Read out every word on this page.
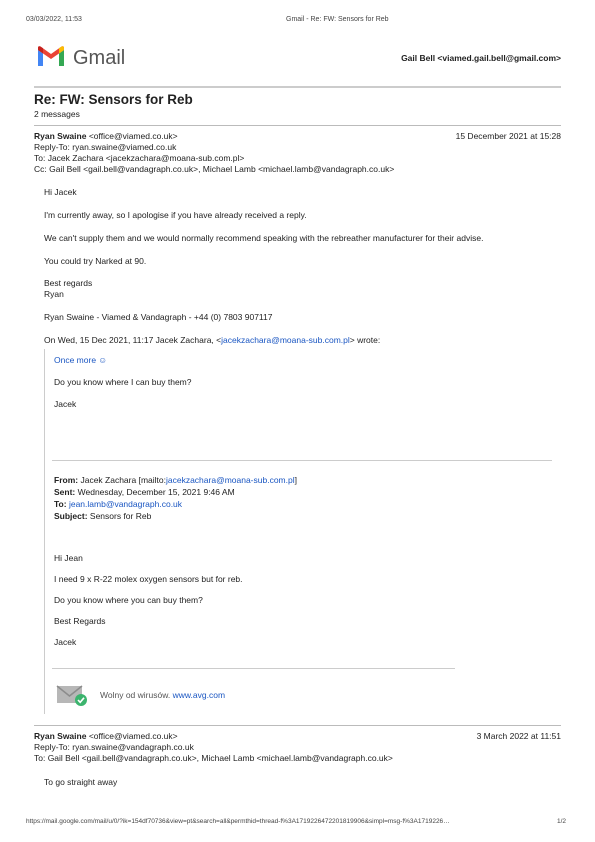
03/03/2022, 11:53	Gmail - Re: FW: Sensors for Reb
Gmail	Gail Bell <viamed.gail.bell@gmail.com>
Re: FW: Sensors for Reb
2 messages
Ryan Swaine <office@viamed.co.uk>	15 December 2021 at 15:28
Reply-To: ryan.swaine@viamed.co.uk
To: Jacek Zachara <jacekzachara@moana-sub.com.pl>
Cc: Gail Bell <gail.bell@vandagraph.co.uk>, Michael Lamb <michael.lamb@vandagraph.co.uk>
Hi Jacek
I'm currently away, so I apologise if you have already received a reply.
We can't supply them and we would normally recommend speaking with the rebreather manufacturer for their advise.
You could try Narked at 90.
Best regards
Ryan
Ryan Swaine - Viamed & Vandagraph - +44 (0) 7803 907117
On Wed, 15 Dec 2021, 11:17 Jacek Zachara, <jacekzachara@moana-sub.com.pl> wrote:
Once more ☺
Do you know where I can buy them?
Jacek
From: Jacek Zachara [mailto:jacekzachara@moana-sub.com.pl]
Sent: Wednesday, December 15, 2021 9:46 AM
To: jean.lamb@vandagraph.co.uk
Subject: Sensors for Reb
Hi Jean
I need 9 x R-22 molex oxygen sensors but for reb.
Do you know where you can buy them?
Best Regards
Jacek
Wolny od wirusów. www.avg.com
Ryan Swaine <office@viamed.co.uk>	3 March 2022 at 11:51
Reply-To: ryan.swaine@vandagraph.co.uk
To: Gail Bell <gail.bell@vandagraph.co.uk>, Michael Lamb <michael.lamb@vandagraph.co.uk>
To go straight away
https://mail.google.com/mail/u/0/?ik=154df70736&view=pt&search=all&permthid=thread-f%3A1719226472201819906&simpl=msg-f%3A1719226…	1/2
